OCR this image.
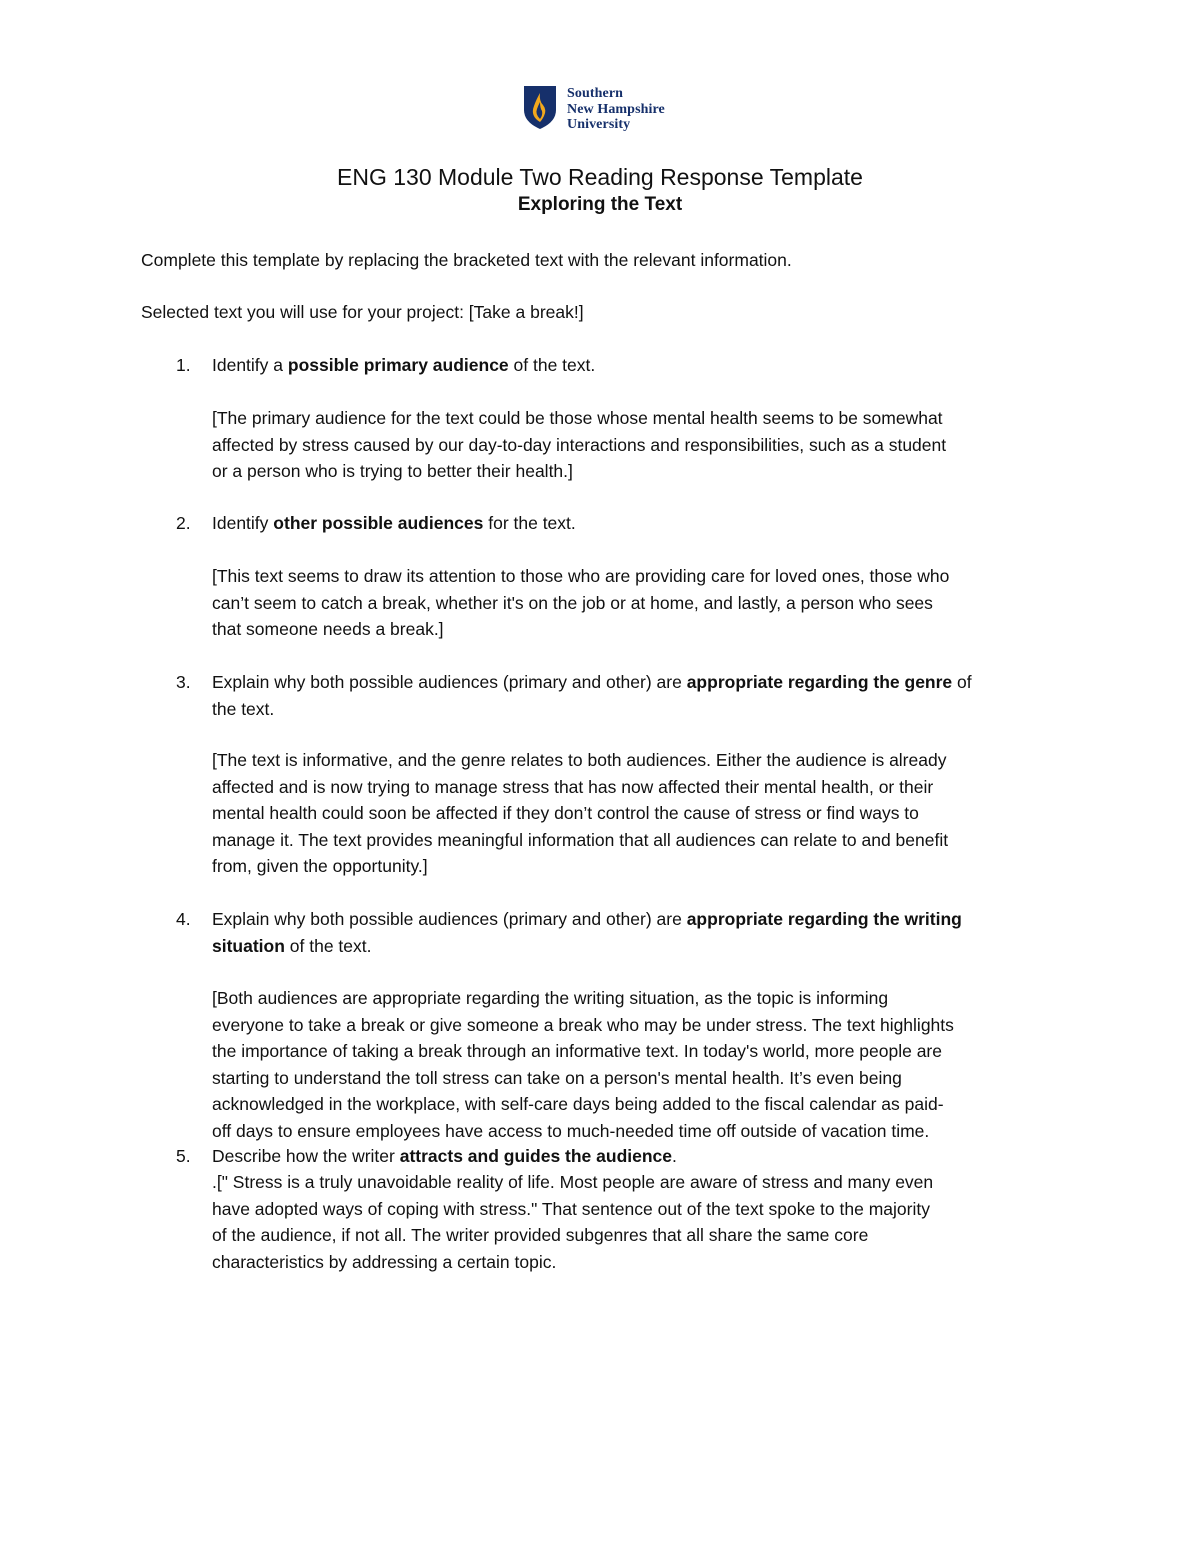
Southern
New Hampshire
University
ENG 130 Module Two Reading Response Template
Exploring the Text
Complete this template by replacing the bracketed text with the relevant information.
Selected text you will use for your project: [Take a break!]
1.	Identify a possible primary audience of the text.
[The primary audience for the text could be those whose mental health seems to be somewhat
affected by stress caused by our day-to-day interactions and responsibilities, such as a student
or a person who is trying to better their health.]
2.	Identify other possible audiences for the text.
[This text seems to draw its attention to those who are providing care for loved ones, those who
can’t seem to catch a break, whether it's on the job or at home, and lastly, a person who sees
that someone needs a break.]
3.	Explain why both possible audiences (primary and other) are appropriate regarding the genre of
the text.
[The text is informative, and the genre relates to both audiences. Either the audience is already
affected and is now trying to manage stress that has now affected their mental health, or their
mental health could soon be affected if they don’t control the cause of stress or find ways to
manage it. The text provides meaningful information that all audiences can relate to and benefit
from, given the opportunity.]
4.	Explain why both possible audiences (primary and other) are appropriate regarding the writing
situation of the text.
[Both audiences are appropriate regarding the writing situation, as the topic is informing
everyone to take a break or give someone a break who may be under stress. The text highlights
the importance of taking a break through an informative text. In today's world, more people are
starting to understand the toll stress can take on a person's mental health. It’s even being
acknowledged in the workplace, with self-care days being added to the fiscal calendar as paid-
off days to ensure employees have access to much-needed time off outside of vacation time.
5.	Describe how the writer attracts and guides the audience.
.[" Stress is a truly unavoidable reality of life. Most people are aware of stress and many even
have adopted ways of coping with stress." That sentence out of the text spoke to the majority
of the audience, if not all. The writer provided subgenres that all share the same core
characteristics by addressing a certain topic.
